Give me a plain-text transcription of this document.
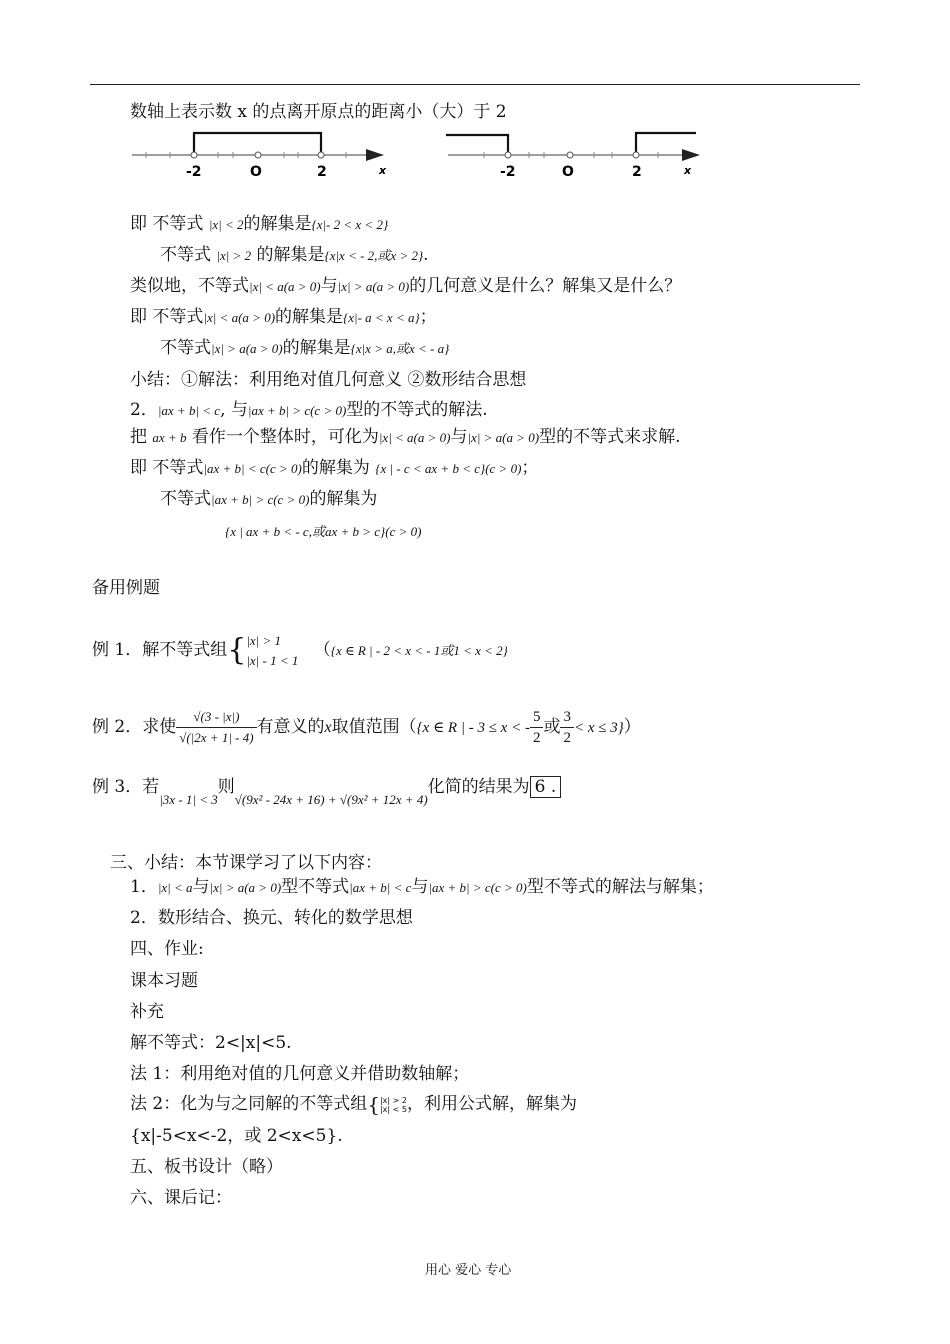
数轴上表示数 x 的点离开原点的距离小（大）于 2
-2	O	2	x	-2	O	2	x
即 不等式 |x| < 2的解集是{x|- 2 < x < 2}
不等式 |x| > 2 的解集是{x|x < - 2,或x > 2}.
类似地，不等式|x| < a(a > 0)与|x| > a(a > 0)的几何意义是什么？解集又是什么？
即 不等式|x| < a(a > 0)的解集是{x|- a < x < a}；
不等式|x| > a(a > 0)的解集是{x|x > a,或x < - a}
小结：①解法：利用绝对值几何意义 ②数形结合思想
2．|ax + b| < c, 与|ax + b| > c(c > 0)型的不等式的解法.
把 ax + b 看作一个整体时，可化为|x| < a(a > 0)与|x| > a(a > 0)型的不等式来求解.
即 不等式|ax + b| < c(c > 0)的解集为 {x | - c < ax + b < c}(c > 0)；
不等式|ax + b| > c(c > 0)的解集为
{x | ax + b < - c,或ax + b > c}(c > 0)
备用例题
例 1．解不等式组{ |x| > 1
|x| - 1 < 1 （{x ∈ R | - 2 < x < - 1或1 < x < 2}
例 2．求使 $\frac{√(3 - |x|)}{√(|2x + 1| - 4)}$ 有意义的x取值范围（{x ∈ R | - 3 ≤ x < - $\frac{5}{2}$ 或 $\frac{3}{2} < x \le 3$}）
例 3．若$_{|3x - 1| < 3}$则$_{√(9x^2 - 24x + 16) + √(9x^2 + 12x + 4)}$化简的结果为 6 .
三、小结：本节课学习了以下内容：
1．|x| < a与|x| > a(a > 0)型不等式|ax + b| < c与|ax + b| > c(c > 0)型不等式的解法与解集；
2．数形结合、换元、转化的数学思想
四、作业:
课本习题
补充
解不等式：2<|x|<5.
法 1：利用绝对值的几何意义并借助数轴解；
法 2：化为与之同解的不等式组{ |x| > 2
|x| < 5 ，利用公式解，解集为
{x|-5<x<-2，或 2<x<5}.
五、板书设计（略）
六、课后记：
用心 爱心 专心
